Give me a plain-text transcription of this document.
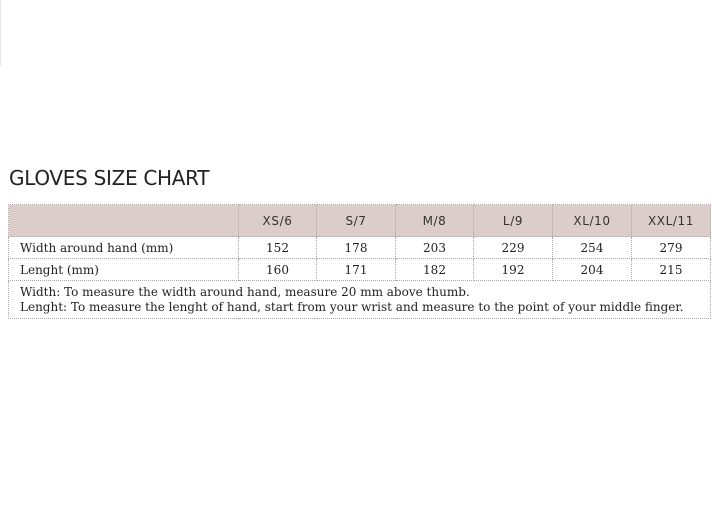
GLOVES SIZE CHART
	XS/6	S/7	M/8	L/9	XL/10	XXL/11
Width around hand (mm)	152	178	203	229	254	279
Lenght (mm)	160	171	182	192	204	215

Width: To measure the width around hand, measure 20 mm above thumb.
Lenght: To measure the lenght of hand, start from your wrist and measure to the point of your middle finger.						
